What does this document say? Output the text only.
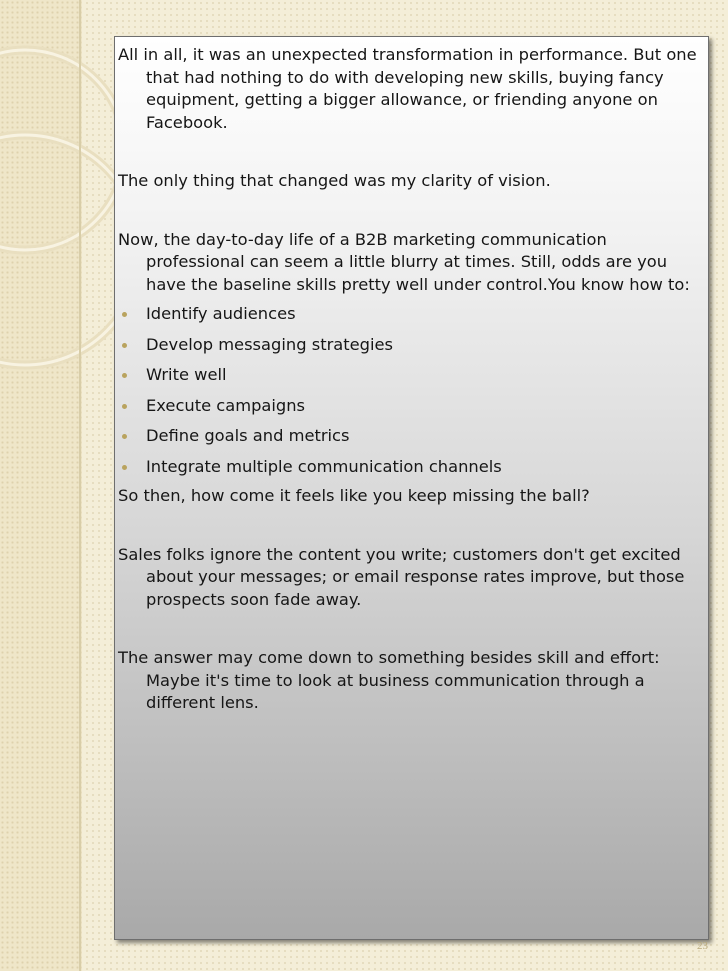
All in all, it was an unexpected transformation in performance. But one that had nothing to do with developing new skills, buying fancy equipment, getting a bigger allowance, or friending anyone on Facebook.

The only thing that changed was my clarity of vision.

Now, the day-to-day life of a B2B marketing communication professional can seem a little blurry at times. Still, odds are you have the baseline skills pretty well under control.You know how to:

Identify audiences
Develop messaging strategies
Write well
Execute campaigns
Define goals and metrics
Integrate multiple communication channels

So then, how come it feels like you keep missing the ball?

Sales folks ignore the content you write; customers don't get excited about your messages; or email response rates improve, but those prospects soon fade away.

The answer may come down to something besides skill and effort: Maybe it's time to look at business communication through a different lens.

23
